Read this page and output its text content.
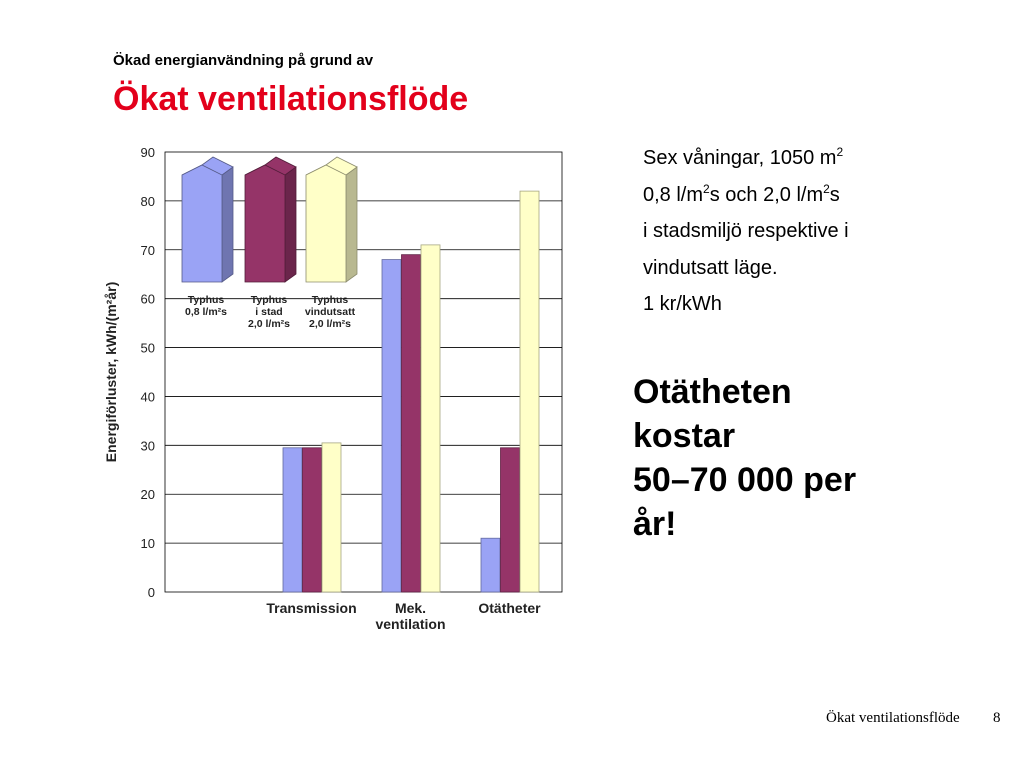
Ökad energianvändning på grund av
Ökat ventilationsflöde
0
10
20
30
40
50
60
70
80
90
Energiförluster, kWh/(m²år)
Transmission	Mek.
ventilation
Otätheter
Typhus
0,8 l/m²s
Typhus
i stad
2,0 l/m²s
Typhus
vindutsatt
2,0 l/m²s
Sex våningar, 1050 $m^2$
0,8 $l/m^2s$ och 2,0 $l/m^2s$
i stadsmiljö respektive i
vindutsatt läge.
1 kr/kWh
Otätheten
kostar
50–70 000 per
år!
Ökat ventilationsflöde 8
